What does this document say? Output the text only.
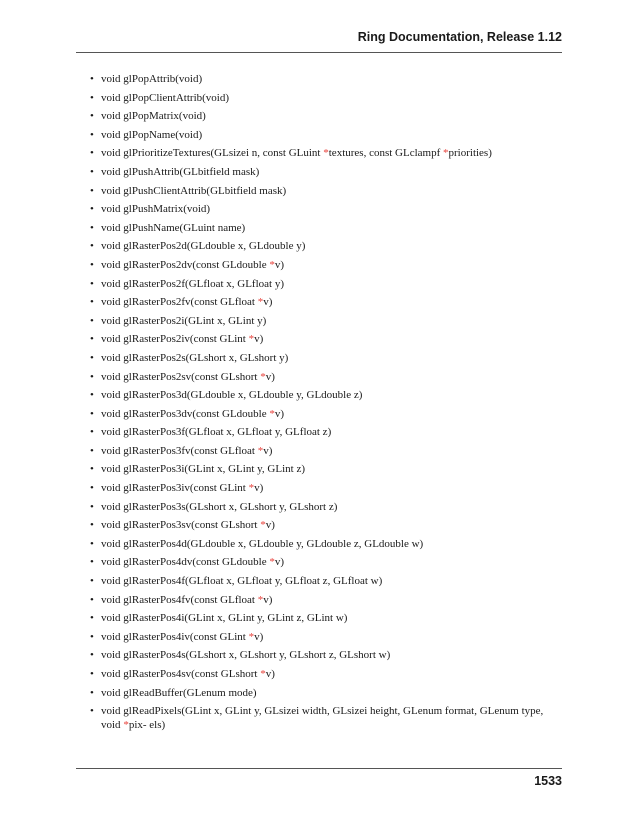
Ring Documentation, Release 1.12
• void glPopAttrib(void)
• void glPopClientAttrib(void)
• void glPopMatrix(void)
• void glPopName(void)
• void glPrioritizeTextures(GLsizei n, const GLuint *textures, const GLclampf *priorities)
• void glPushAttrib(GLbitfield mask)
• void glPushClientAttrib(GLbitfield mask)
• void glPushMatrix(void)
• void glPushName(GLuint name)
• void glRasterPos2d(GLdouble x, GLdouble y)
• void glRasterPos2dv(const GLdouble *v)
• void glRasterPos2f(GLfloat x, GLfloat y)
• void glRasterPos2fv(const GLfloat *v)
• void glRasterPos2i(GLint x, GLint y)
• void glRasterPos2iv(const GLint *v)
• void glRasterPos2s(GLshort x, GLshort y)
• void glRasterPos2sv(const GLshort *v)
• void glRasterPos3d(GLdouble x, GLdouble y, GLdouble z)
• void glRasterPos3dv(const GLdouble *v)
• void glRasterPos3f(GLfloat x, GLfloat y, GLfloat z)
• void glRasterPos3fv(const GLfloat *v)
• void glRasterPos3i(GLint x, GLint y, GLint z)
• void glRasterPos3iv(const GLint *v)
• void glRasterPos3s(GLshort x, GLshort y, GLshort z)
• void glRasterPos3sv(const GLshort *v)
• void glRasterPos4d(GLdouble x, GLdouble y, GLdouble z, GLdouble w)
• void glRasterPos4dv(const GLdouble *v)
• void glRasterPos4f(GLfloat x, GLfloat y, GLfloat z, GLfloat w)
• void glRasterPos4fv(const GLfloat *v)
• void glRasterPos4i(GLint x, GLint y, GLint z, GLint w)
• void glRasterPos4iv(const GLint *v)
• void glRasterPos4s(GLshort x, GLshort y, GLshort z, GLshort w)
• void glRasterPos4sv(const GLshort *v)
• void glReadBuffer(GLenum mode)
• void glReadPixels(GLint x, GLint y, GLsizei width, GLsizei height, GLenum format, GLenum type, void *pix- els)
1533
